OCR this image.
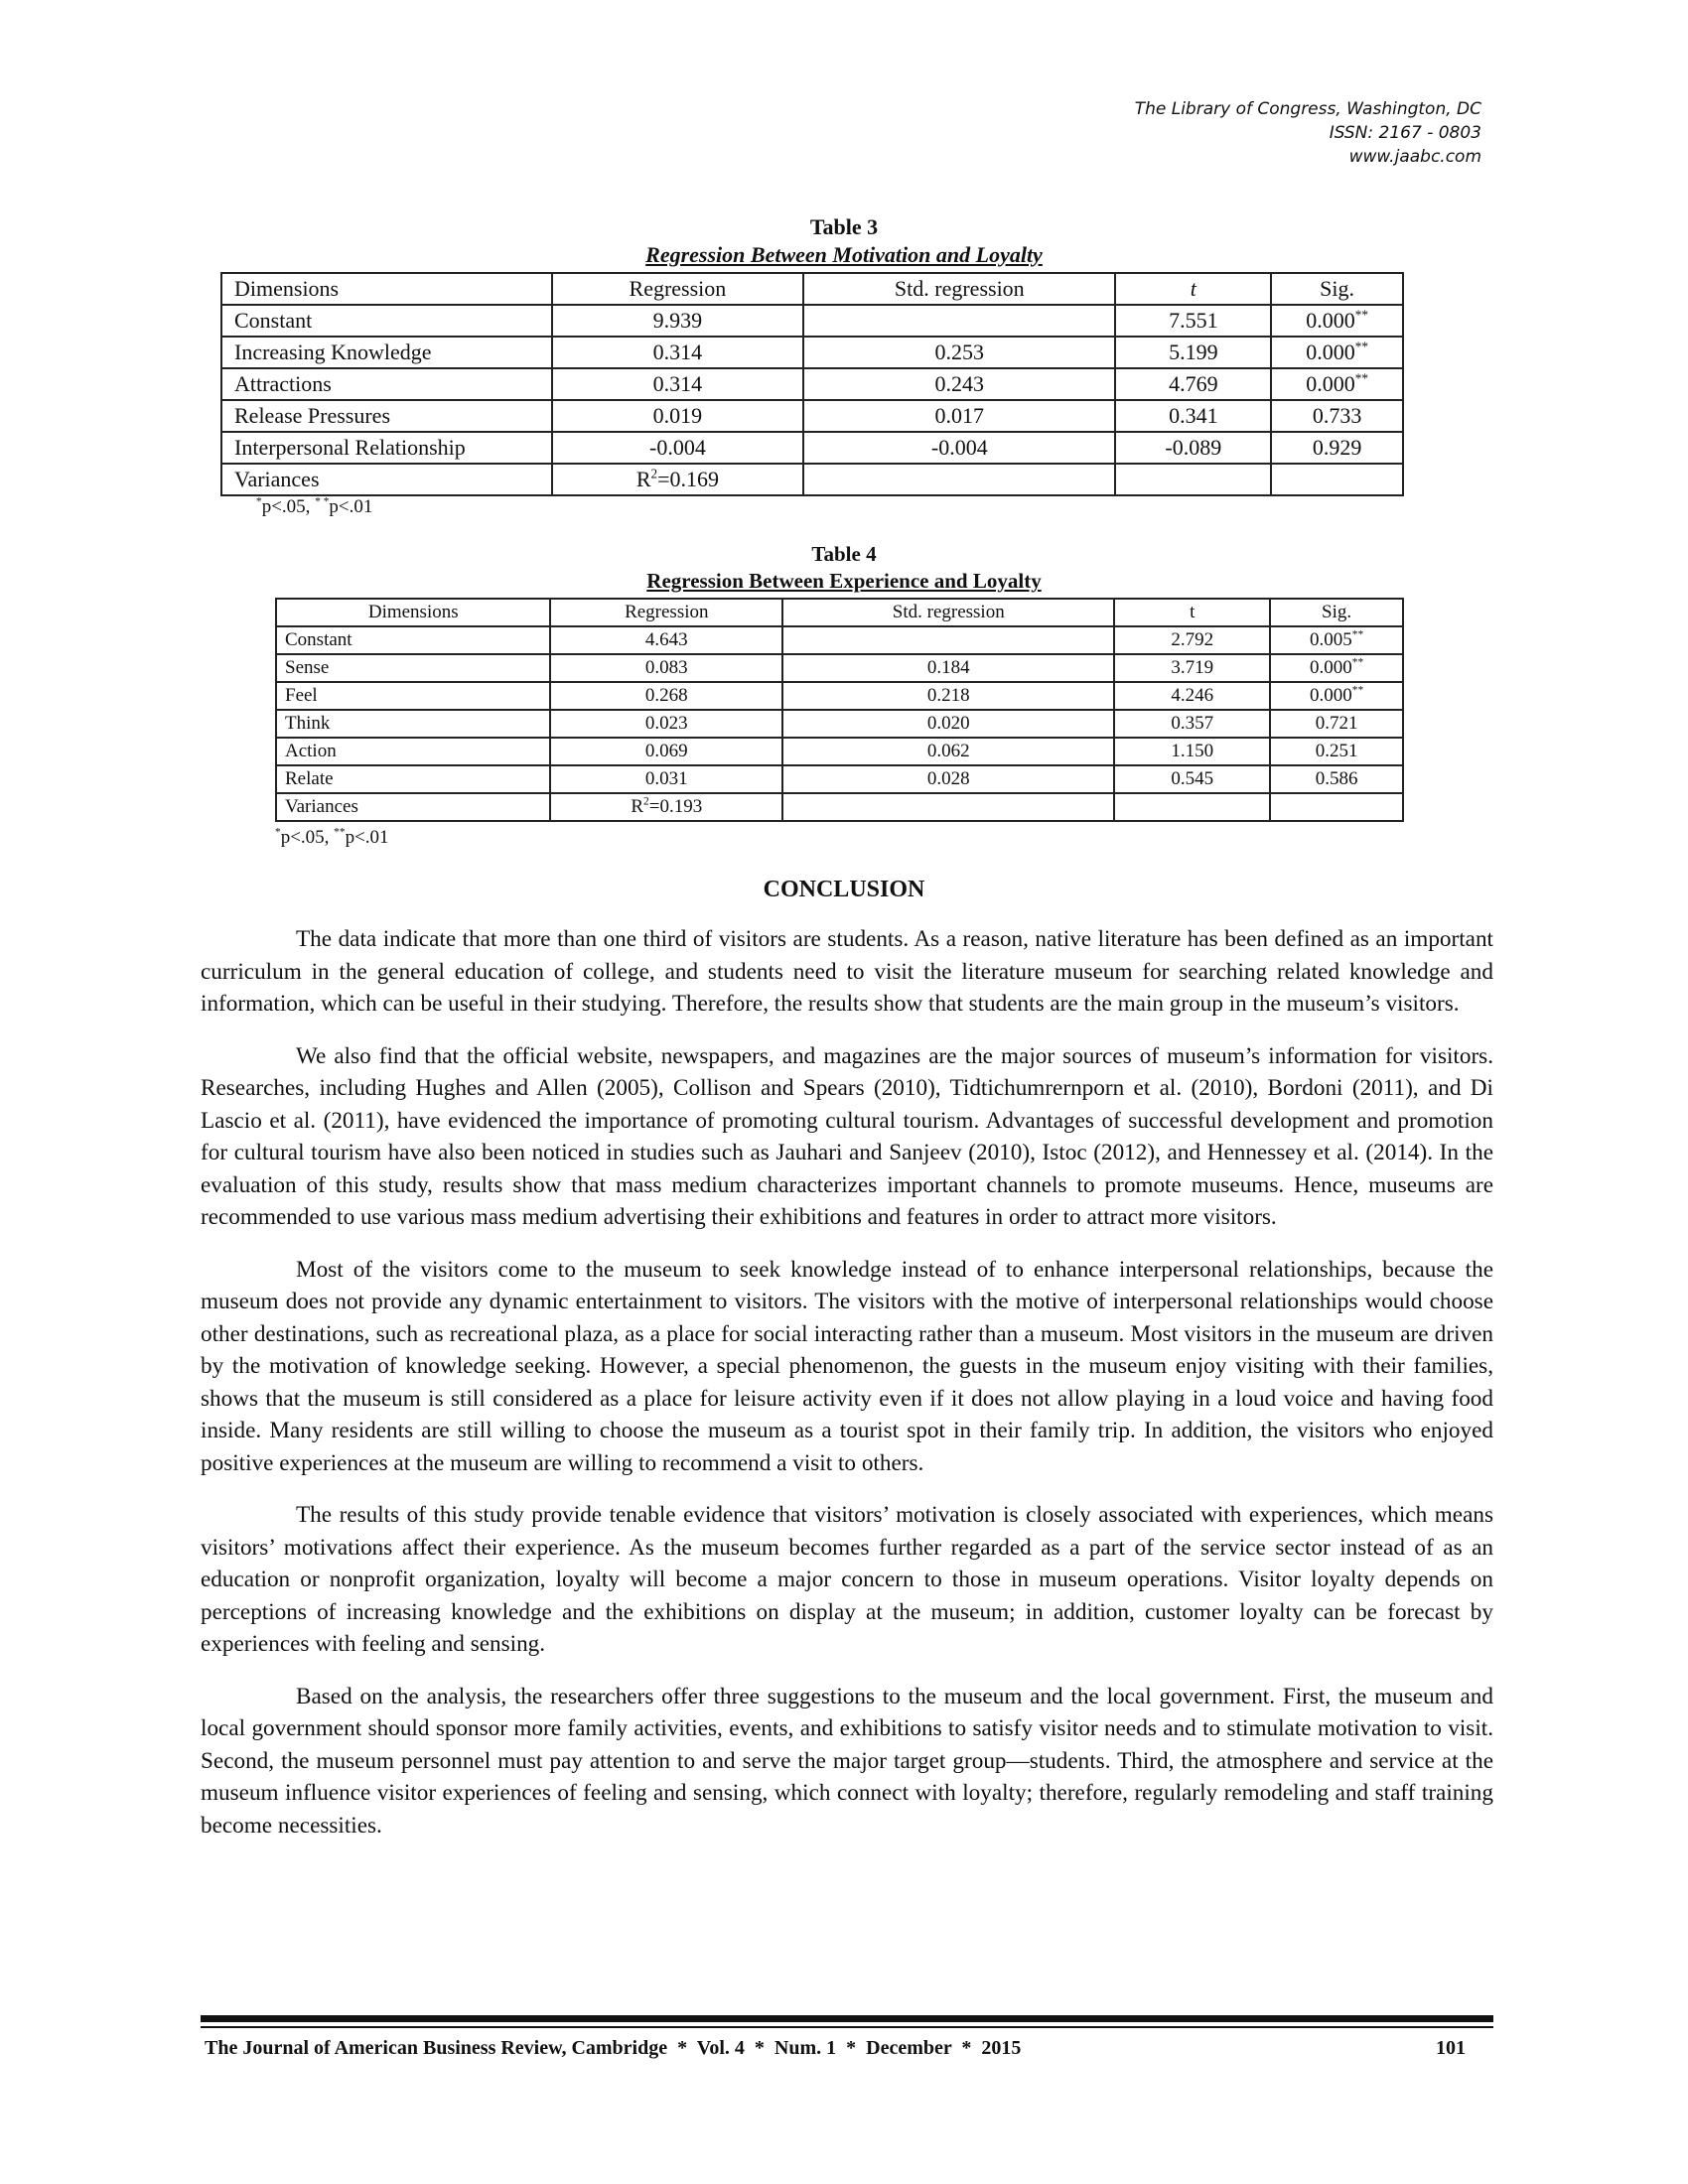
The Library of Congress, Washington, DC
ISSN: 2167 - 0803
www.jaabc.com
Table 3
Regression Between Motivation and Loyalty
Dimensions	Regression	Std. regression	t	Sig.
Constant	9.939		7.551	0.000**
Increasing Knowledge	0.314	0.253	5.199	0.000**
Attractions	0.314	0.243	4.769	0.000**
Release Pressures	0.019	0.017	0.341	0.733
Interpersonal Relationship	-0.004	-0.004	-0.089	0.929
Variances	$R^2=0.169$			
*p<.05, * *p<.01
Table 4
Regression Between Experience and Loyalty
Dimensions	Regression	Std. regression	t	Sig.
Constant	4.643		2.792	0.005**
Sense	0.083	0.184	3.719	0.000**
Feel	0.268	0.218	4.246	0.000**
Think	0.023	0.020	0.357	0.721
Action	0.069	0.062	1.150	0.251
Relate	0.031	0.028	0.545	0.586
Variances	$R^2=0.193$			
*p<.05, **p<.01
CONCLUSION

The data indicate that more than one third of visitors are students. As a reason, native literature has been defined as an important curriculum in the general education of college, and students need to visit the literature museum for searching related knowledge and information, which can be useful in their studying. Therefore, the results show that students are the main group in the museum’s visitors.

We also find that the official website, newspapers, and magazines are the major sources of museum’s information for visitors. Researches, including Hughes and Allen (2005), Collison and Spears (2010), Tidtichumrernporn et al. (2010), Bordoni (2011), and Di Lascio et al. (2011), have evidenced the importance of promoting cultural tourism. Advantages of successful development and promotion for cultural tourism have also been noticed in studies such as Jauhari and Sanjeev (2010), Istoc (2012), and Hennessey et al. (2014). In the evaluation of this study, results show that mass medium characterizes important channels to promote museums. Hence, museums are recommended to use various mass medium advertising their exhibitions and features in order to attract more visitors.

Most of the visitors come to the museum to seek knowledge instead of to enhance interpersonal relationships, because the museum does not provide any dynamic entertainment to visitors. The visitors with the motive of interpersonal relationships would choose other destinations, such as recreational plaza, as a place for social interacting rather than a museum. Most visitors in the museum are driven by the motivation of knowledge seeking. However, a special phenomenon, the guests in the museum enjoy visiting with their families, shows that the museum is still considered as a place for leisure activity even if it does not allow playing in a loud voice and having food inside. Many residents are still willing to choose the museum as a tourist spot in their family trip. In addition, the visitors who enjoyed positive experiences at the museum are willing to recommend a visit to others.

The results of this study provide tenable evidence that visitors’ motivation is closely associated with experiences, which means visitors’ motivations affect their experience. As the museum becomes further regarded as a part of the service sector instead of as an education or nonprofit organization, loyalty will become a major concern to those in museum operations. Visitor loyalty depends on perceptions of increasing knowledge and the exhibitions on display at the museum; in addition, customer loyalty can be forecast by experiences with feeling and sensing.

Based on the analysis, the researchers offer three suggestions to the museum and the local government. First, the museum and local government should sponsor more family activities, events, and exhibitions to satisfy visitor needs and to stimulate motivation to visit. Second, the museum personnel must pay attention to and serve the major target group—students. Third, the atmosphere and service at the museum influence visitor experiences of feeling and sensing, which connect with loyalty; therefore, regularly remodeling and staff training become necessities.

The Journal of American Business Review, Cambridge  *  Vol. 4  *  Num. 1  *  December  *  2015	101
